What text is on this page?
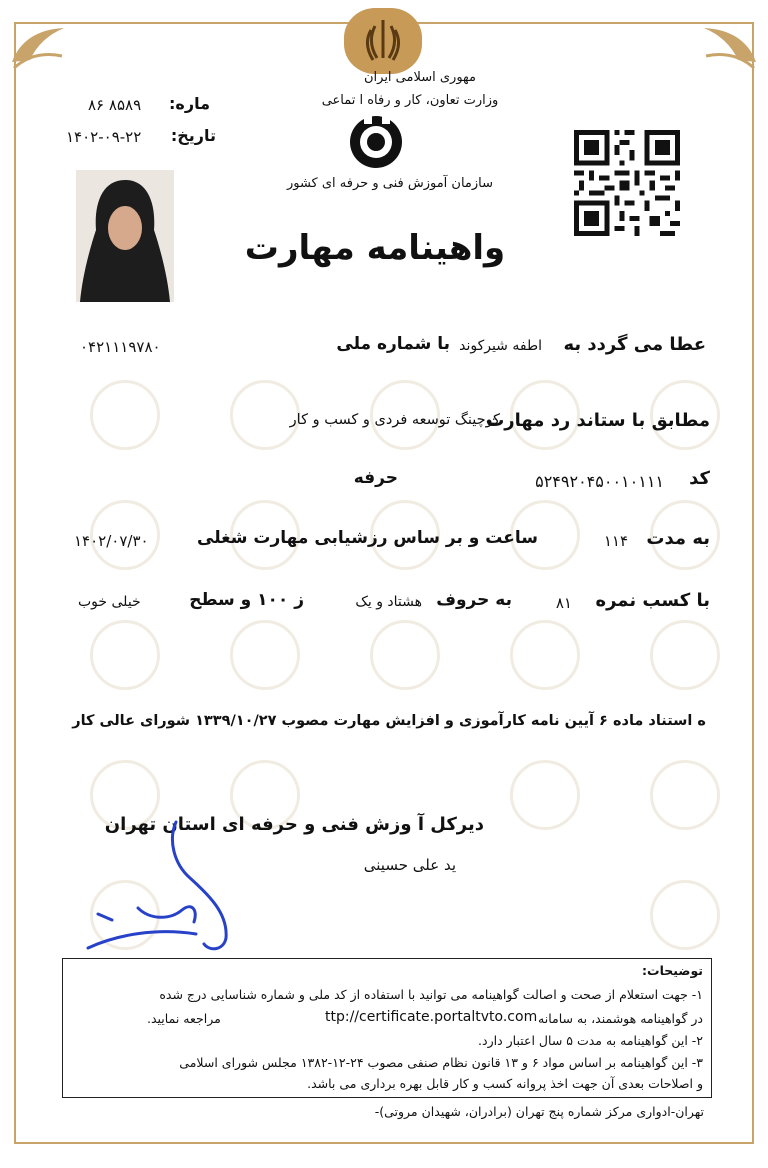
مهوری اسلامی ایران
وزارت تعاون، کار و رفاه ا تماعی
سازمان آموزش فنی و حرفه ای کشور
ماره:
۸۵۸۹ ۸۶
تاریخ:
۱۴۰۲-۰۹-۲۲
واهینامه مهارت
عطا می گردد به
اطفه شیرکوند
با شماره ملی
۰۴۲۱۱۱۹۷۸۰
مطابق با ستاند رد مهارت
کوچینگ توسعه فردی و کسب و کار
کد
۵۲۴۹۲۰۴۵۰۰۱۰۱۱۱
حرفه
به مدت
۱۱۴
ساعت و بر ساس رزشیابی مهارت شغلی
۱۴۰۲/۰۷/۳۰
با کسب نمره
۸۱
به حروف
هشتاد و یک
ز ۱۰۰ و سطح
خیلی خوب
ه استناد ماده ۶ آیین نامه کارآموزی و افزایش مهارت مصوب ۱۳۳۹/۱۰/۲۷ شورای عالی کار
دیرکل آ وزش فنی و حرفه ای استان تهران
ید علی حسینی
توضیحات:
۱- جهت استعلام از صحت و اصالت گواهینامه می توانید با استفاده از کد ملی و شماره شناسایی درج شده
در گواهینامه هوشمند، به سامانه
ttp://certificate.portaltvto.com
مراجعه نمایید.
۲- این گواهینامه به مدت ۵ سال اعتبار دارد.
۳- این گواهینامه بر اساس مواد ۶ و ۱۳ قانون نظام صنفی مصوب ۲۴-۱۲-۱۳۸۲ مجلس شورای اسلامی
و اصلاحات بعدی آن جهت اخذ پروانه کسب و کار قابل بهره برداری می باشد.
تهران-ادواری مرکز شماره پنج تهران (برادران، شهیدان مروتی)-
